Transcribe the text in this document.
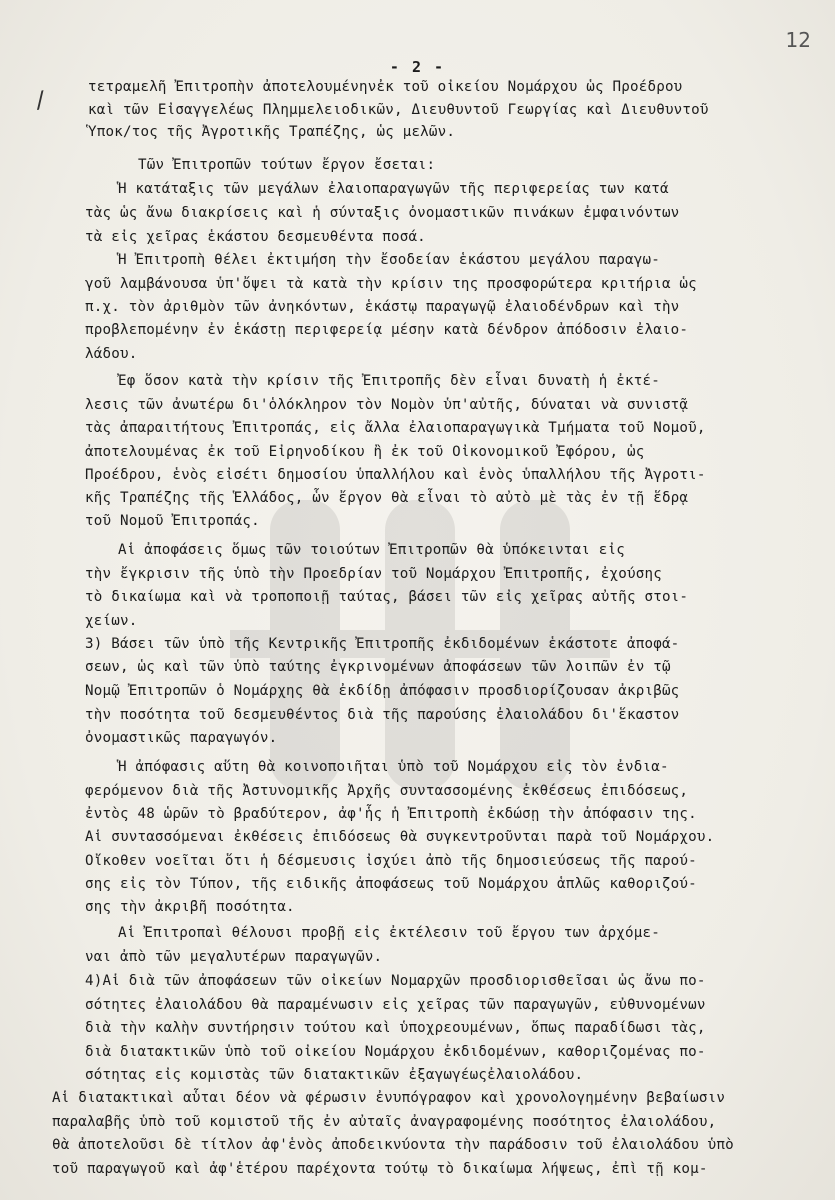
12
/
- 2 -
τετραμελῆ Ἐπιτροπὴν ἀποτελουμένηνἐκ τοῦ οἰκείου Νομάρχου ὡς Προέδρου
καὶ τῶν Εἰσαγγελέως Πλημμελειοδικῶν, Διευθυντοῦ Γεωργίας καὶ Διευθυντοῦ
Ὑποκ/τος τῆς Ἀγροτικῆς Τραπέζης, ὡς μελῶν.
Τῶν Ἐπιτροπῶν τούτων ἔργον ἔσεται:
Ἡ κατάταξις τῶν μεγάλων ἐλαιοπαραγωγῶν τῆς περιφερείας των κατά
τὰς ὡς ἄνω διακρίσεις καὶ ἡ σύνταξις ὀνομαστικῶν πινάκων ἐμφαινόντων
τὰ εἰς χεῖρας ἑκάστου δεσμευθέντα ποσά.
Ἡ Ἐπιτροπὴ θέλει ἐκτιμήση τὴν ἔσοδείαν ἑκάστου μεγάλου παραγω-
γοῦ λαμβάνουσα ὑπ'ὄψει τὰ κατὰ τὴν κρίσιν της προσφορώτερα κριτήρια ὡς
π.χ. τὸν ἀριθμὸν τῶν ἀνηκόντων, ἑκάστῳ παραγωγῷ ἐλαιοδένδρων καὶ τὴν
προβλεπομένην ἐν ἑκάστῃ περιφερείᾳ μέσην κατὰ δένδρον ἀπόδοσιν ἐλαιο-
λάδου.
Ἐφ ὅσον κατὰ τὴν κρίσιν τῆς Ἐπιτροπῆς δὲν εἶναι δυνατὴ ἡ ἐκτέ-
λεσις τῶν ἀνωτέρω δι'ὁλόκληρον τὸν Νομὸν ὑπ'αὐτῆς, δύναται νὰ συνιστᾷ
τὰς ἀπαραιτήτους Ἐπιτροπάς, εἰς ἄλλα ἐλαιοπαραγωγικὰ Τμήματα τοῦ Νομοῦ,
ἀποτελουμένας ἐκ τοῦ Εἰρηνοδίκου ἢ ἐκ τοῦ Οἰκονομικοῦ Ἐφόρου, ὡς
Προέδρου, ἑνὸς εἰσέτι δημοσίου ὑπαλλήλου καὶ ἑνὸς ὑπαλλήλου τῆς Ἀγροτι-
κῆς Τραπέζης τῆς Ἑλλάδος, ὧν ἔργον θὰ εἶναι τὸ αὐτὸ μὲ τὰς ἐν τῇ ἕδρᾳ
τοῦ Νομοῦ Ἐπιτροπάς.
Αἱ ἀποφάσεις ὅμως τῶν τοιούτων Ἐπιτροπῶν θὰ ὑπόκεινται εἰς
τὴν ἔγκρισιν τῆς ὑπὸ τὴν Προεδρίαν τοῦ Νομάρχου Ἐπιτροπῆς, ἐχούσης
τὸ δικαίωμα καὶ νὰ τροποποιῇ ταύτας, βάσει τῶν εἰς χεῖρας αὐτῆς στοι-
χείων.
3) Βάσει τῶν ὑπὸ τῆς Κεντρικῆς Ἐπιτροπῆς ἐκδιδομένων ἑκάστοτε ἀποφά-
σεων, ὡς καὶ τῶν ὑπὸ ταύτης ἐγκρινομένων ἀποφάσεων τῶν λοιπῶν ἐν τῷ
Νομῷ Ἐπιτροπῶν ὁ Νομάρχης θὰ ἐκδίδῃ ἀπόφασιν προσδιορίζουσαν ἀκριβῶς
τὴν ποσότητα τοῦ δεσμευθέντος διὰ τῆς παρούσης ἐλαιολάδου δι'ἕκαστον
ὀνομαστικῶς παραγωγόν.
Ἡ ἀπόφασις αὕτη θὰ κοινοποιῆται ὑπὸ τοῦ Νομάρχου εἰς τὸν ἐνδια-
φερόμενον διὰ τῆς Ἀστυνομικῆς Ἀρχῆς συντασσομένης ἐκθέσεως ἐπιδόσεως,
ἐντὸς 48 ὡρῶν τὸ βραδύτερον, ἀφ'ἧς ἡ Ἐπιτροπὴ ἐκδώσῃ τὴν ἀπόφασιν της.
Αἱ συντασσόμεναι ἐκθέσεις ἐπιδόσεως θὰ συγκεντροῦνται παρὰ τοῦ Νομάρχου.
Οἴκοθεν νοεῖται ὅτι ἡ δέσμευσις ἰσχύει ἀπὸ τῆς δημοσιεύσεως τῆς παρού-
σης εἰς τὸν Τύπον, τῆς ειδικῆς ἀποφάσεως τοῦ Νομάρχου ἁπλῶς καθοριζού-
σης τὴν ἀκριβῆ ποσότητα.
Αἱ Ἐπιτροπαὶ θέλουσι προβῇ εἰς ἐκτέλεσιν τοῦ ἔργου των ἀρχόμε-
ναι ἀπὸ τῶν μεγαλυτέρων παραγωγῶν.
4)Αἱ διὰ τῶν ἀποφάσεων τῶν οἰκείων Νομαρχῶν προσδιορισθεῖσαι ὡς ἄνω πο-
σότητες ἐλαιολάδου θὰ παραμένωσιν εἰς χεῖρας τῶν παραγωγῶν, εὐθυνομένων
διὰ τὴν καλὴν συντήρησιν τούτου καὶ ὑποχρεουμένων, ὅπως παραδίδωσι τὰς,
διὰ διατακτικῶν ὑπὸ τοῦ οἰκείου Νομάρχου ἐκδιδομένων, καθοριζομένας πο-
σότητας εἰς κομιστὰς τῶν διατακτικῶν ἐξαγωγέωςἐλαιολάδου.
Αἱ διατακτικαὶ αὗται δέον νὰ φέρωσιν ἐνυπόγραφον καὶ χρονολογημένην βεβαίωσιν
παραλαβῆς ὑπὸ τοῦ κομιστοῦ τῆς ἐν αὐταῖς ἀναγραφομένης ποσότητος ἐλαιολάδου,
θὰ ἀποτελοῦσι δὲ τίτλον ἀφ'ἑνὸς ἀποδεικνύοντα τὴν παράδοσιν τοῦ ἐλαιολάδου ὑπὸ
τοῦ παραγωγοῦ καὶ ἀφ'ἑτέρου παρέχοντα τούτῳ τὸ δικαίωμα λήψεως, ἐπὶ τῇ κομ-
